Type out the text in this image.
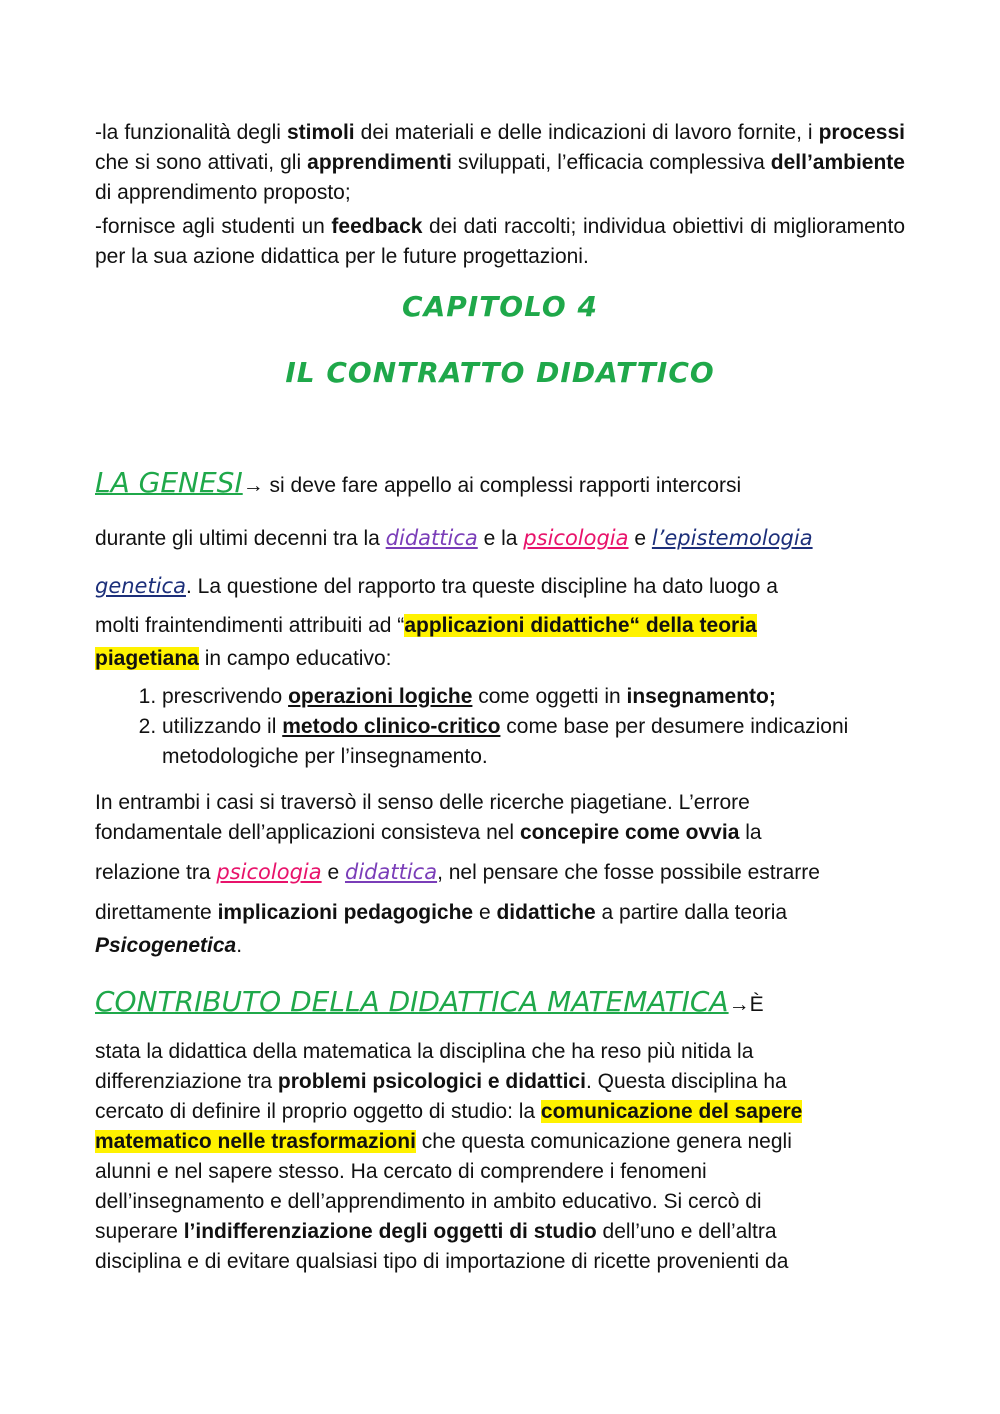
-la funzionalità degli stimoli dei materiali e delle indicazioni di lavoro fornite, i processi che si sono attivati, gli apprendimenti sviluppati, l’efficacia complessiva dell’ambiente di apprendimento proposto;

-fornisce agli studenti un feedback dei dati raccolti; individua obiettivi di miglioramento per la sua azione didattica per le future progettazioni.

CAPITOLO 4
IL CONTRATTO DIDATTICO
LA GENESI→ si deve fare appello ai complessi rapporti intercorsi
durante gli ultimi decenni tra la didattica e la psicologia e l’epistemologia
genetica. La questione del rapporto tra queste discipline ha dato luogo a
molti fraintendimenti attribuiti ad “applicazioni didattiche“ della teoria
piagetiana in campo educativo:
1. prescrivendo operazioni logiche come oggetti in insegnamento;
2. utilizzando il metodo clinico-critico come base per desumere indicazioni metodologiche per l’insegnamento.
In entrambi i casi si traversò il senso delle ricerche piagetiane. L’errore
fondamentale dell’applicazioni consisteva nel concepire come ovvia la
relazione tra psicologia e didattica, nel pensare che fosse possibile estrarre
direttamente implicazioni pedagogiche e didattiche a partire dalla teoria
Psicogenetica.
CONTRIBUTO DELLA DIDATTICA MATEMATICA→È
stata la didattica della matematica la disciplina che ha reso più nitida la
differenziazione tra problemi psicologici e didattici. Questa disciplina ha
cercato di definire il proprio oggetto di studio: la comunicazione del sapere
matematico nelle trasformazioni che questa comunicazione genera negli
alunni e nel sapere stesso. Ha cercato di comprendere i fenomeni
dell’insegnamento e dell’apprendimento in ambito educativo. Si cercò di
superare l’indifferenziazione degli oggetti di studio dell’uno e dell’altra
disciplina e di evitare qualsiasi tipo di importazione di ricette provenienti da
